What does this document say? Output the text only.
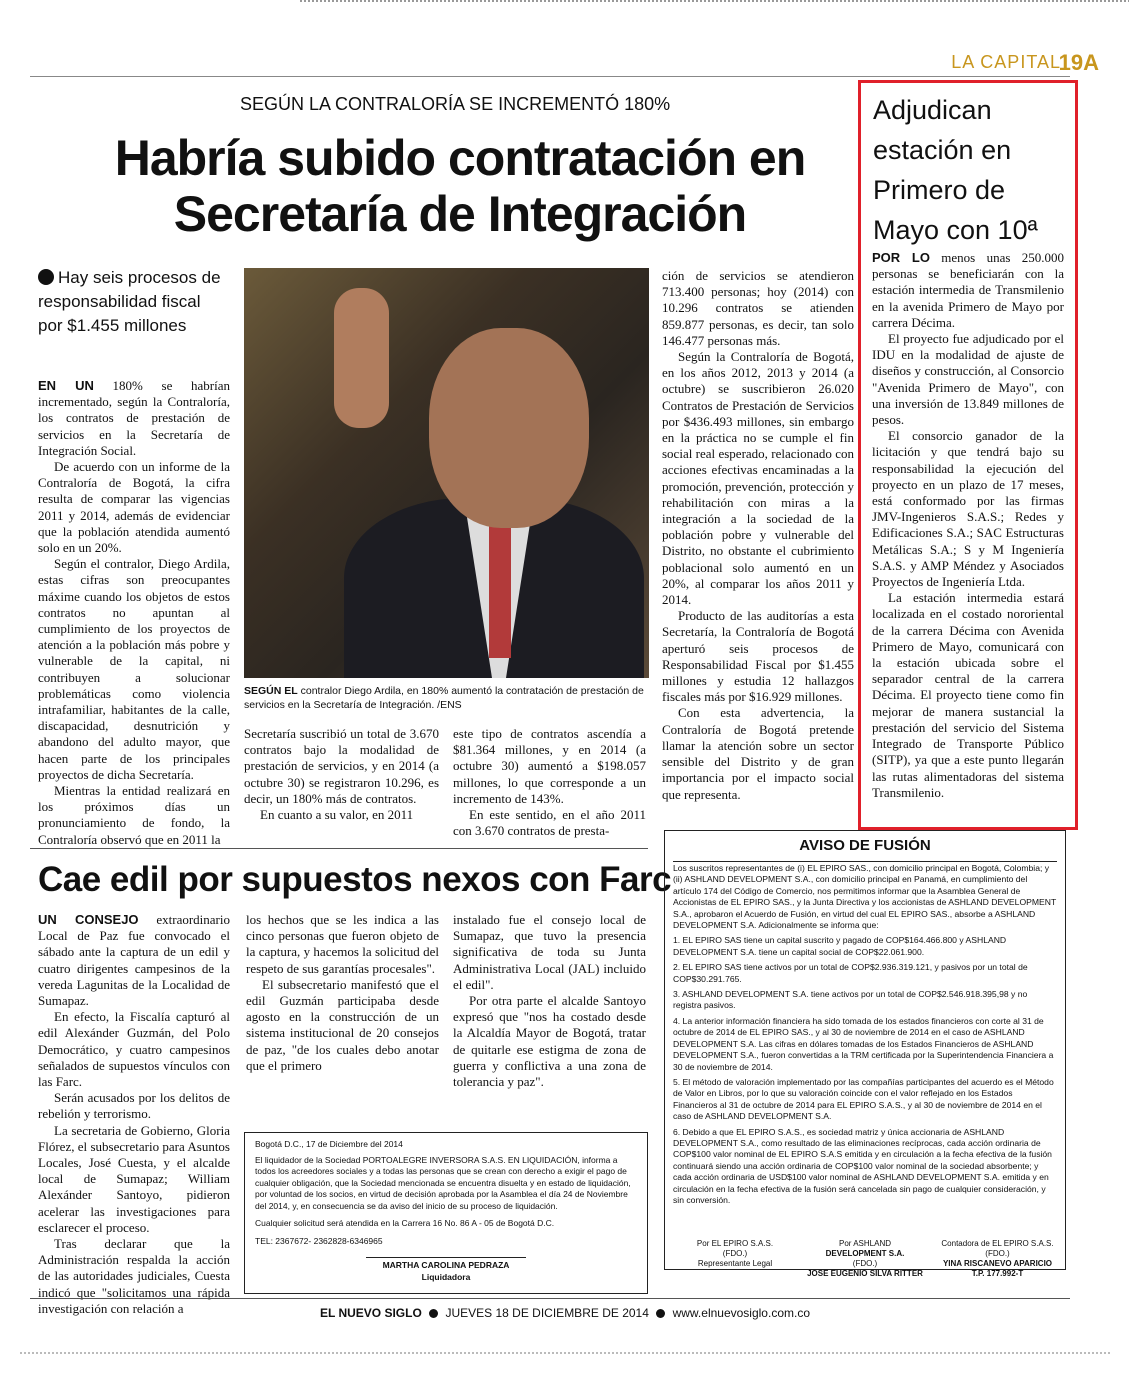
LA CAPITAL
19A
SEGÚN LA CONTRALORÍA SE INCREMENTÓ 180%
Habría subido contratación en Secretaría de Integración
Hay seis procesos de responsabilidad fiscal por $1.455 millones

EN UN 180% se habrían incrementado, según la Contraloría, los contratos de prestación de servicios en la Secretaría de Integración Social.

De acuerdo con un informe de la Contraloría de Bogotá, la cifra resulta de comparar las vigencias 2011 y 2014, además de evidenciar que la población atendida aumentó solo en un 20%.

Según el contralor, Diego Ardila, estas cifras son preocupantes máxime cuando los objetos de estos contratos no apuntan al cumplimiento de los proyectos de atención a la población más pobre y vulnerable de la capital, ni contribuyen a solucionar problemáticas como violencia intrafamiliar, habitantes de la calle, discapacidad, desnutrición y abandono del adulto mayor, que hacen parte de los principales proyectos de dicha Secretaría.

Mientras la entidad realizará en los próximos días un pronunciamiento de fondo, la Contraloría observó que en 2011 la

SEGÚN EL contralor Diego Ardila, en 180% aumentó la contratación de prestación de servicios en la Secretaría de Integración. /ENS

Secretaría suscribió un total de 3.670 contratos bajo la modalidad de prestación de servicios, y en 2014 (a octubre 30) se registraron 10.296, es decir, un 180% más de contratos.

En cuanto a su valor, en 2011

este tipo de contratos ascendía a $81.364 millones, y en 2014 (a octubre 30) aumentó a $198.057 millones, lo que corresponde a un incremento de 143%.

En este sentido, en el año 2011 con 3.670 contratos de presta-

ción de servicios se atendieron 713.400 personas; hoy (2014) con 10.296 contratos se atienden 859.877 personas, es decir, tan solo 146.477 personas más.

Según la Contraloría de Bogotá, en los años 2012, 2013 y 2014 (a octubre) se suscribieron 26.020 Contratos de Prestación de Servicios por $436.493 millones, sin embargo en la práctica no se cumple el fin social real esperado, relacionado con acciones efectivas encaminadas a la promoción, prevención, protección y rehabilitación con miras a la integración a la sociedad de la población pobre y vulnerable del Distrito, no obstante el cubrimiento poblacional solo aumentó en un 20%, al comparar los años 2011 y 2014.

Producto de las auditorías a esta Secretaría, la Contraloría de Bogotá aperturó seis procesos de Responsabilidad Fiscal por $1.455 millones y estudia 12 hallazgos fiscales más por $16.929 millones.

Con esta advertencia, la Contraloría de Bogotá pretende llamar la atención sobre un sector sensible del Distrito y de gran importancia por el impacto social que representa.

Adjudican estación en Primero de Mayo con 10ª

POR LO menos unas 250.000 personas se beneficiarán con la estación intermedia de Transmilenio en la avenida Primero de Mayo por carrera Décima.

El proyecto fue adjudicado por el IDU en la modalidad de ajuste de diseños y construcción, al Consorcio "Avenida Primero de Mayo", con una inversión de 13.849 millones de pesos.

El consorcio ganador de la licitación y que tendrá bajo su responsabilidad la ejecución del proyecto en un plazo de 17 meses, está conformado por las firmas JMV-Ingenieros S.A.S.; Redes y Edificaciones S.A.; SAC Estructuras Metálicas S.A.; S y M Ingeniería S.A.S. y AMP Méndez y Asociados Proyectos de Ingeniería Ltda.

La estación intermedia estará localizada en el costado nororiental de la carrera Décima con Avenida Primero de Mayo, comunicará con la estación ubicada sobre el separador central de la carrera Décima. El proyecto tiene como fin mejorar de manera sustancial la prestación del servicio del Sistema Integrado de Transporte Público (SITP), ya que a este punto llegarán las rutas alimentadoras del sistema Transmilenio.

Cae edil por supuestos nexos con Farc

UN CONSEJO extraordinario Local de Paz fue convocado el sábado ante la captura de un edil y cuatro dirigentes campesinos de la vereda Lagunitas de la Localidad de Sumapaz.

En efecto, la Fiscalía capturó al edil Alexánder Guzmán, del Polo Democrático, y cuatro campesinos señalados de supuestos vínculos con las Farc.

Serán acusados por los delitos de rebelión y terrorismo.

La secretaria de Gobierno, Gloria Flórez, el subsecretario para Asuntos Locales, José Cuesta, y el alcalde local de Sumapaz; William Alexánder Santoyo, pidieron acelerar las investigaciones para esclarecer el proceso.

Tras declarar que la Administración respalda la acción de las autoridades judiciales, Cuesta indicó que "solicitamos una rápida investigación con relación a

los hechos que se les indica a las cinco personas que fueron objeto de la captura, y hacemos la solicitud del respeto de sus garantías procesales".

El subsecretario manifestó que el edil Guzmán participaba desde agosto en la construcción de un sistema institucional de 20 consejos de paz, "de los cuales debo anotar que el primero

instalado fue el consejo local de Sumapaz, que tuvo la presencia significativa de toda su Junta Administrativa Local (JAL) incluido el edil".

Por otra parte el alcalde Santoyo expresó que "nos ha costado desde la Alcaldía Mayor de Bogotá, tratar de quitarle ese estigma de zona de guerra y conflictiva a una zona de tolerancia y paz".

Bogotá D.C., 17 de Diciembre del 2014
El liquidador de la Sociedad PORTOALEGRE INVERSORA S.A.S. EN LIQUIDACIÓN, informa a todos los acreedores sociales y a todas las personas que se crean con derecho a exigir el pago de cualquier obligación, que la Sociedad mencionada se encuentra disuelta y en estado de liquidación, por voluntad de los socios, en virtud de decisión aprobada por la Asamblea el día 24 de Noviembre del 2014, y, en consecuencia se da aviso del inicio de su proceso de liquidación.
Cualquier solicitud será atendida en la Carrera 16 No. 86 A - 05 de Bogotá D.C.
TEL: 2367672- 2362828-6346965
MARTHA CAROLINA PEDRAZA
Liquidadora
AVISO DE FUSIÓN

Los suscritos representantes de (i) EL EPIRO SAS., con domicilio principal en Bogotá, Colombia; y (ii) ASHLAND DEVELOPMENT S.A., con domicilio principal en Panamá, en cumplimiento del artículo 174 del Código de Comercio, nos permitimos informar que la Asamblea General de Accionistas de EL EPIRO SAS., y la Junta Directiva y los accionistas de ASHLAND DEVELOPMENT S.A., aprobaron el Acuerdo de Fusión, en virtud del cual EL EPIRO SAS., absorbe a ASHLAND DEVELOPMENT S.A. Adicionalmente se informa que:

1. EL EPIRO SAS tiene un capital suscrito y pagado de COP$164.466.800 y ASHLAND DEVELOPMENT S.A. tiene un capital social de COP$22.061.900.

2. EL EPIRO SAS tiene activos por un total de COP$2.936.319.121, y pasivos por un total de COP$30.291.765.

3. ASHLAND DEVELOPMENT S.A. tiene activos por un total de COP$2.546.918.395,98 y no registra pasivos.

4. La anterior información financiera ha sido tomada de los estados financieros con corte al 31 de octubre de 2014 de EL EPIRO SAS., y al 30 de noviembre de 2014 en el caso de ASHLAND DEVELOPMENT S.A. Las cifras en dólares tomadas de los Estados Financieros de ASHLAND DEVELOPMENT S.A., fueron convertidas a la TRM certificada por la Superintendencia Financiera a 30 de noviembre de 2014.

5. El método de valoración implementado por las compañías participantes del acuerdo es el Método de Valor en Libros, por lo que su valoración coincide con el valor reflejado en los Estados Financieros al 31 de octubre de 2014 para EL EPIRO S.A.S., y al 30 de noviembre de 2014 en el caso de ASHLAND DEVELOPMENT S.A.

6. Debido a que EL EPIRO S.A.S., es sociedad matriz y única accionaria de ASHLAND DEVELOPMENT S.A., como resultado de las eliminaciones recíprocas, cada acción ordinaria de COP$100 valor nominal de EL EPIRO S.A.S emitida y en circulación a la fecha efectiva de la fusión continuará siendo una acción ordinaria de COP$100 valor nominal de la sociedad absorbente; y cada acción ordinaria de USD$100 valor nominal de ASHLAND DEVELOPMENT S.A. emitida y en circulación en la fecha efectiva de la fusión será cancelada sin pago de cualquier consideración, y sin conversión.

Por EL EPIRO S.A.S.
(FDO.)
Representante Legal
Por ASHLAND
DEVELOPMENT S.A.
(FDO.)
JOSE EUGENIO SILVA RITTER
Contadora de EL EPIRO S.A.S.
(FDO.)
YINA RISCANEVO APARICIO
T.P. 177.992-T
EL NUEVO SIGLO JUEVES 18 DE DICIEMBRE DE 2014 www.elnuevosiglo.com.co
